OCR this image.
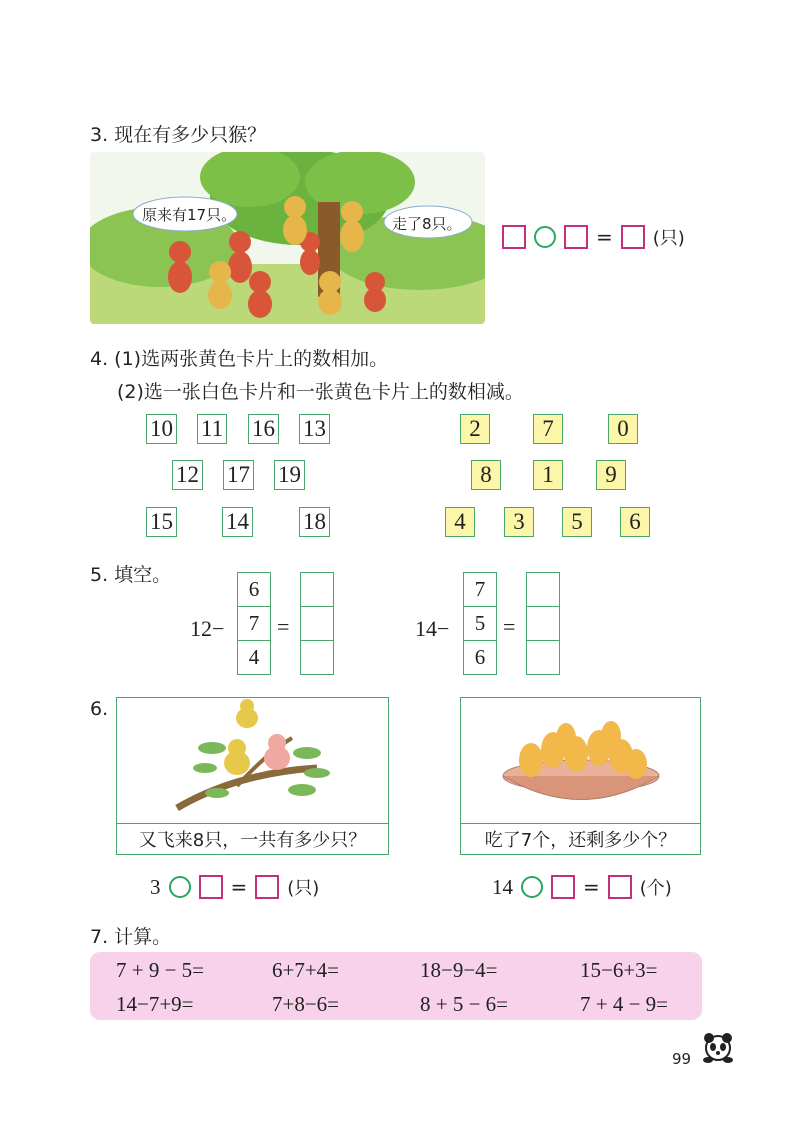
3. 现在有多少只猴？
原来有17只。	走了8只。
= (只)
4. (1)选两张黄色卡片上的数相加。
(2)选一张白色卡片和一张黄色卡片上的数相减。
10 11 16 13
12 17 19
15 14 18
2	7	0
8	1	9
4	3	5	6
5. 填空。
12−
6
7
4
=	14−
7
5
6
=
6.
又飞来8只，一共有多少只？	吃了7个，还剩多少个？
3	= (只)	14	= (个)
7. 计算。
7 + 9 − 5=	6+7+4=	18−9−4=	15−6+3=
14−7+9=	7+8−6=	8 + 5 − 6=	7 + 4 − 9=
99
